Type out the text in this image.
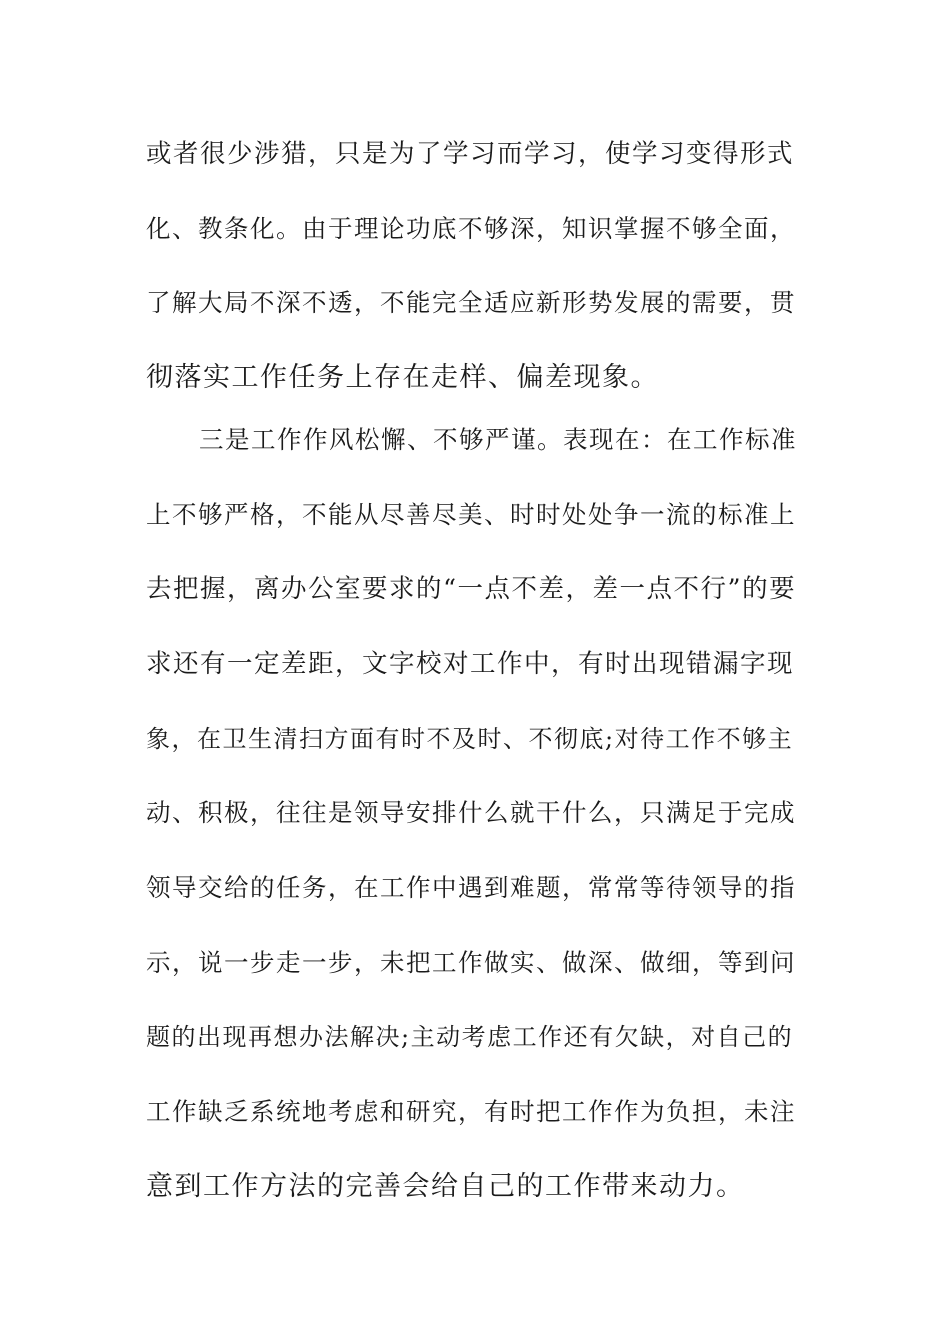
或者很少涉猎，只是为了学习而学习，使学习变得形式
化、教条化。由于理论功底不够深，知识掌握不够全面，
了解大局不深不透，不能完全适应新形势发展的需要，贯
彻落实工作任务上存在走样、偏差现象。
三是工作作风松懈、不够严谨。表现在：在工作标准
上不够严格，不能从尽善尽美、时时处处争一流的标准上
去把握，离办公室要求的“一点不差，差一点不行”的要
求还有一定差距，文字校对工作中，有时出现错漏字现
象，在卫生清扫方面有时不及时、不彻底;对待工作不够主
动、积极，往往是领导安排什么就干什么，只满足于完成
领导交给的任务，在工作中遇到难题，常常等待领导的指
示，说一步走一步，未把工作做实、做深、做细，等到问
题的出现再想办法解决;主动考虑工作还有欠缺，对自己的
工作缺乏系统地考虑和研究，有时把工作作为负担，未注
意到工作方法的完善会给自己的工作带来动力。
